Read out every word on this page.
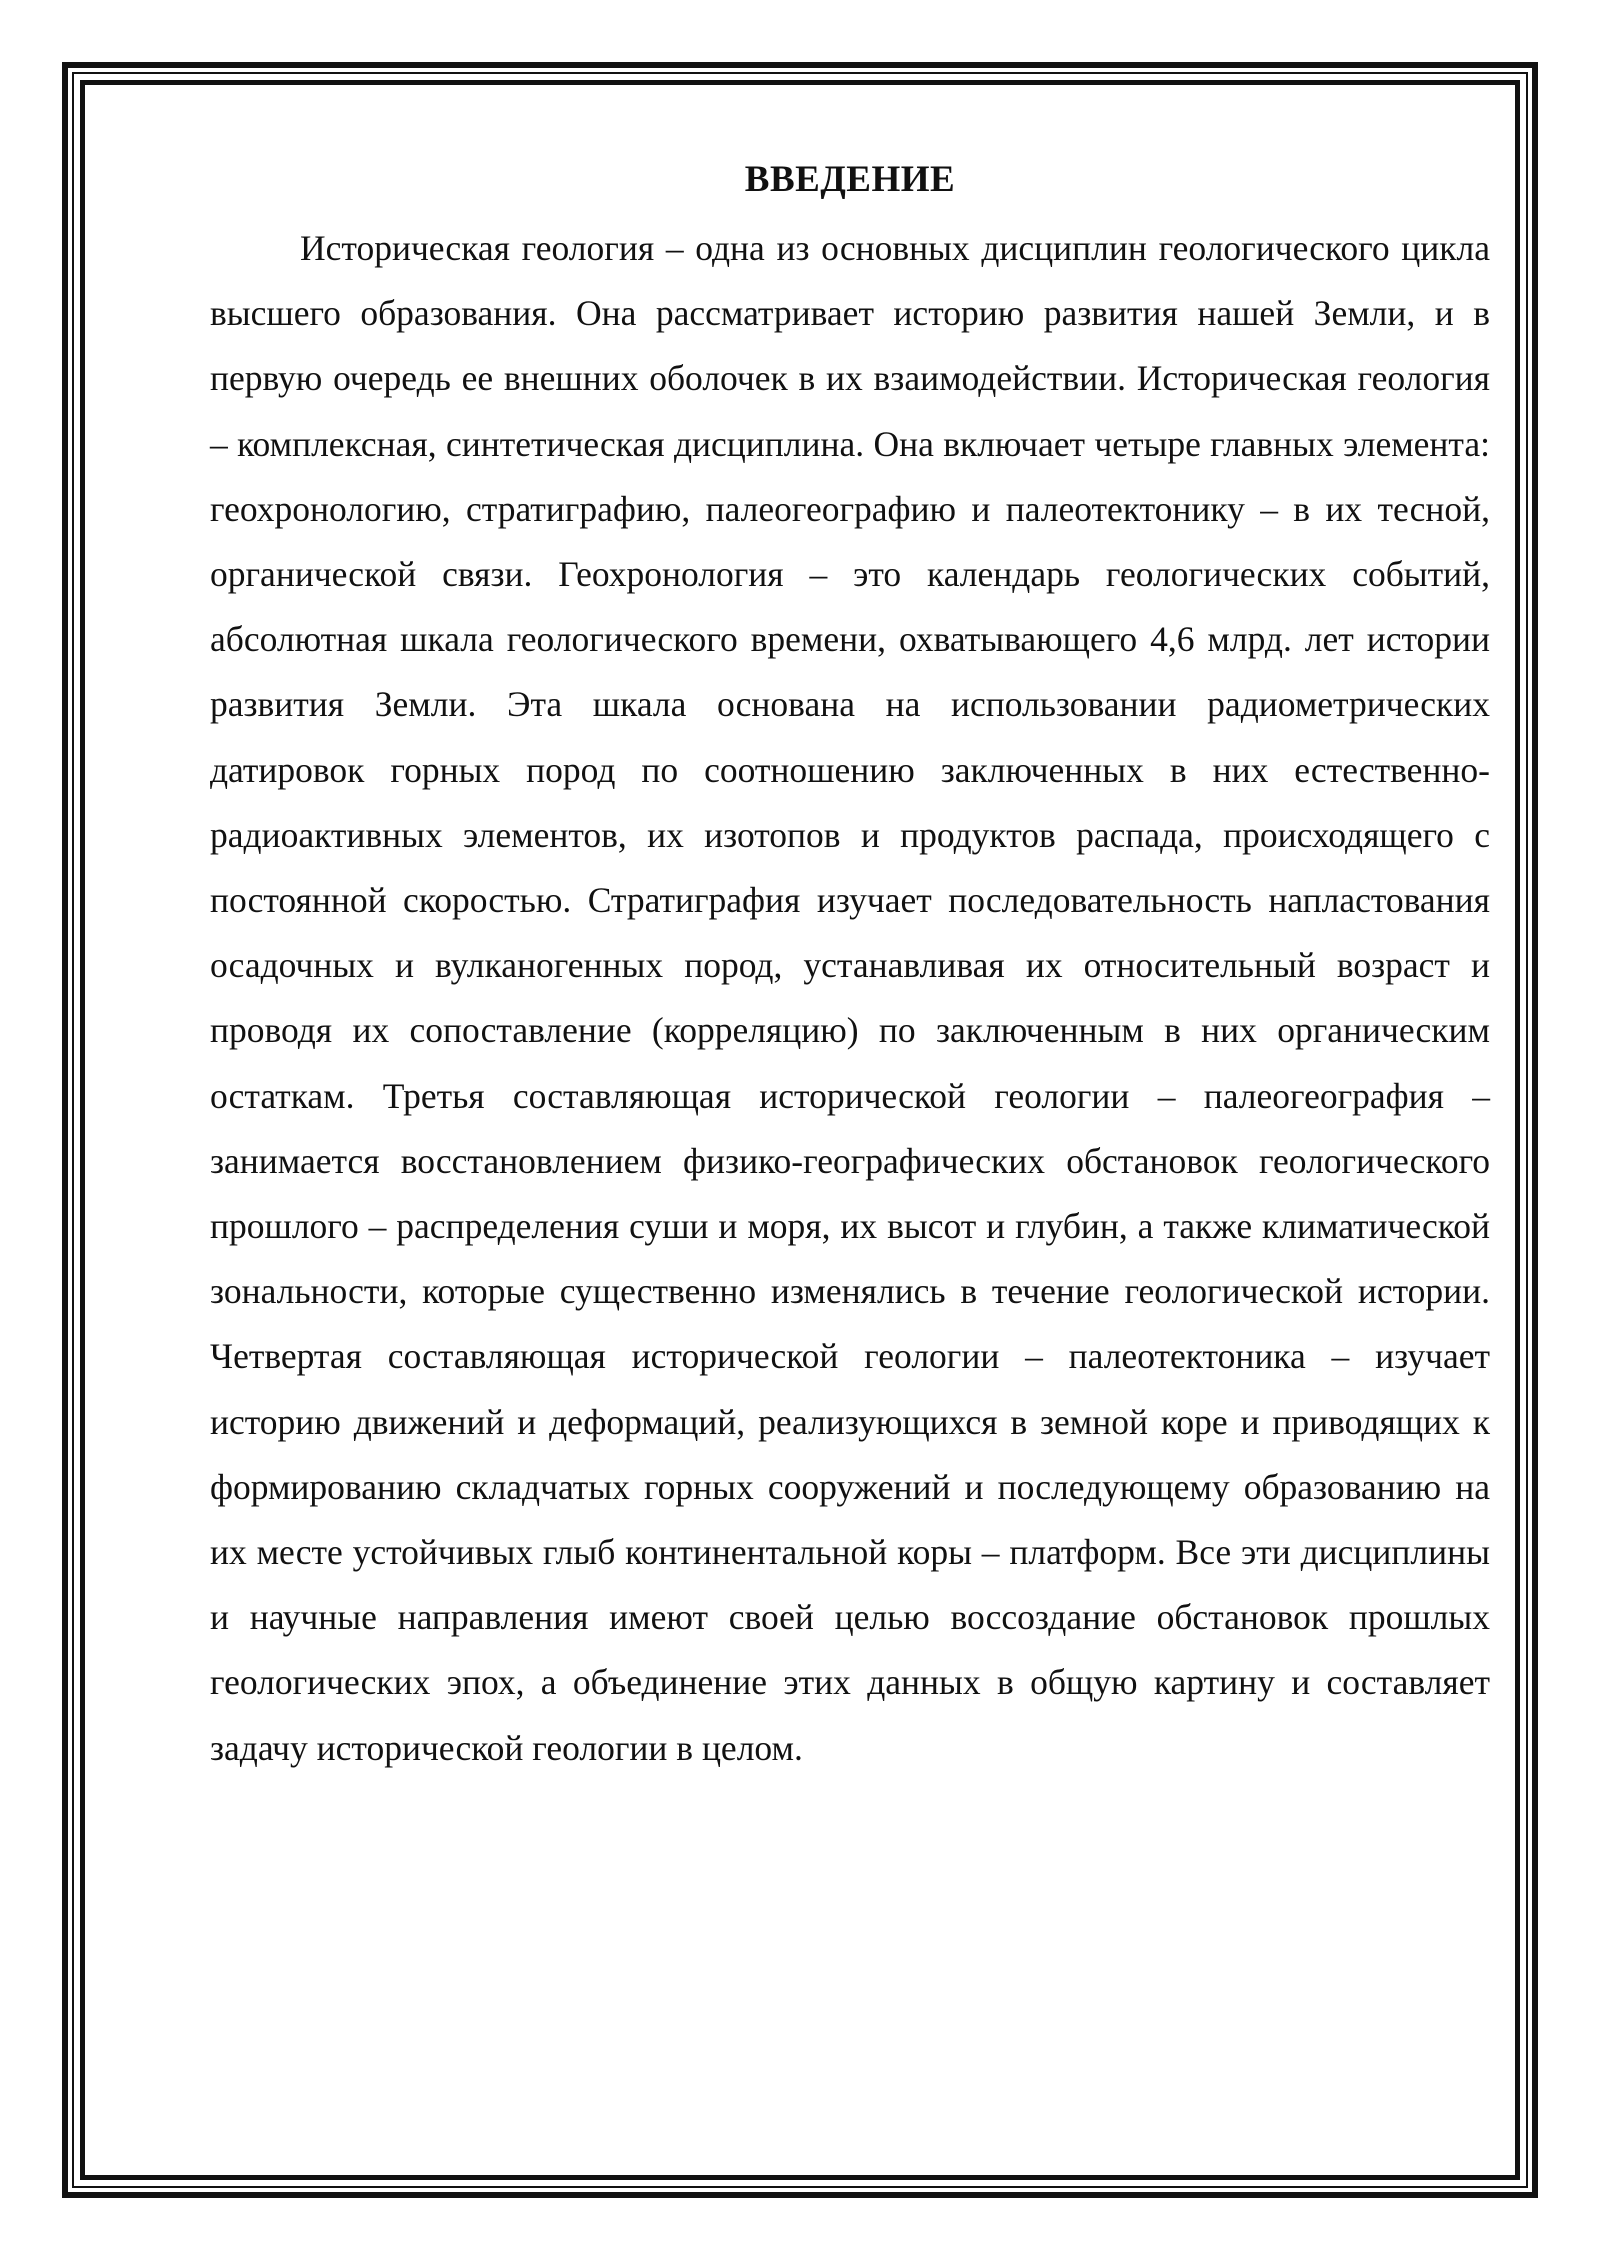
ВВЕДЕНИЕ

Историческая геология – одна из основных дисциплин геологического цикла высшего образования. Она рассматривает историю развития нашей Земли, и в первую очередь ее внешних оболочек в их взаимодействии. Историческая геология – комплексная, синтетическая дисциплина. Она включает четыре главных элемента: геохронологию, стратиграфию, палеогеографию и палеотектонику – в их тесной, органической связи. Геохронология – это календарь геологических событий, абсолютная шкала геологического времени, охватывающего 4,6 млрд. лет истории развития Земли. Эта шкала основана на использовании радиометрических датировок горных пород по соотношению заключенных в них естественно-радиоактивных элементов, их изотопов и продуктов распада, происходящего с постоянной скоростью. Стратиграфия изучает последовательность напластования осадочных и вулканогенных пород, устанавливая их относительный возраст и проводя их сопоставление (корреляцию) по заключенным в них органическим остаткам. Третья составляющая исторической геологии – палеогеография – занимается восстановлением физико-географических обстановок геологического прошлого – распределения суши и моря, их высот и глубин, а также климатической зональности, которые существенно изменялись в течение геологической истории. Четвертая составляющая исторической геологии – палеотектоника – изучает историю движений и деформаций, реализующихся в земной коре и приводящих к формированию складчатых горных сооружений и последующему образованию на их месте устойчивых глыб континентальной коры – платформ. Все эти дисциплины и научные направления имеют своей целью воссоздание обстановок прошлых геологических эпох, а объединение этих данных в общую картину и составляет задачу исторической геологии в целом.
